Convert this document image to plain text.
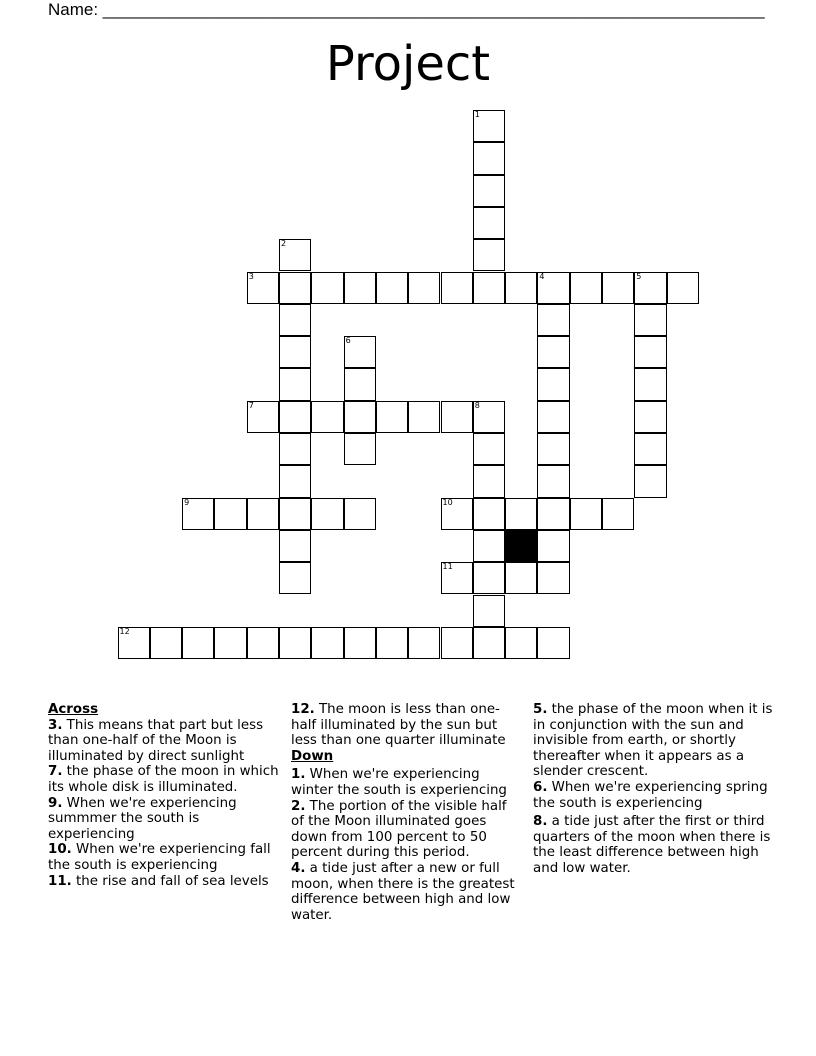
Name: ______________________________________________________________________
Project
1
2
3	4	5
6
7	8
9	10
11
12
Across
3. This means that part but less than one-half of the Moon is illuminated by direct sunlight
7. the phase of the moon in which its whole disk is illuminated.
9. When we're experiencing summmer the south is experiencing
10. When we're experiencing fall the south is experiencing
11. the rise and fall of sea levels
12. The moon is less than one-half illuminated by the sun but less than one quarter illuminate
Down
1. When we're experiencing winter the south is experiencing
2. The portion of the visible half of the Moon illuminated goes down from 100 percent to 50 percent during this period.
4. a tide just after a new or full moon, when there is the greatest difference between high and low water.
5. the phase of the moon when it is in conjunction with the sun and invisible from earth, or shortly thereafter when it appears as a slender crescent.
6. When we're experiencing spring the south is experiencing
8. a tide just after the first or third quarters of the moon when there is the least difference between high and low water.
